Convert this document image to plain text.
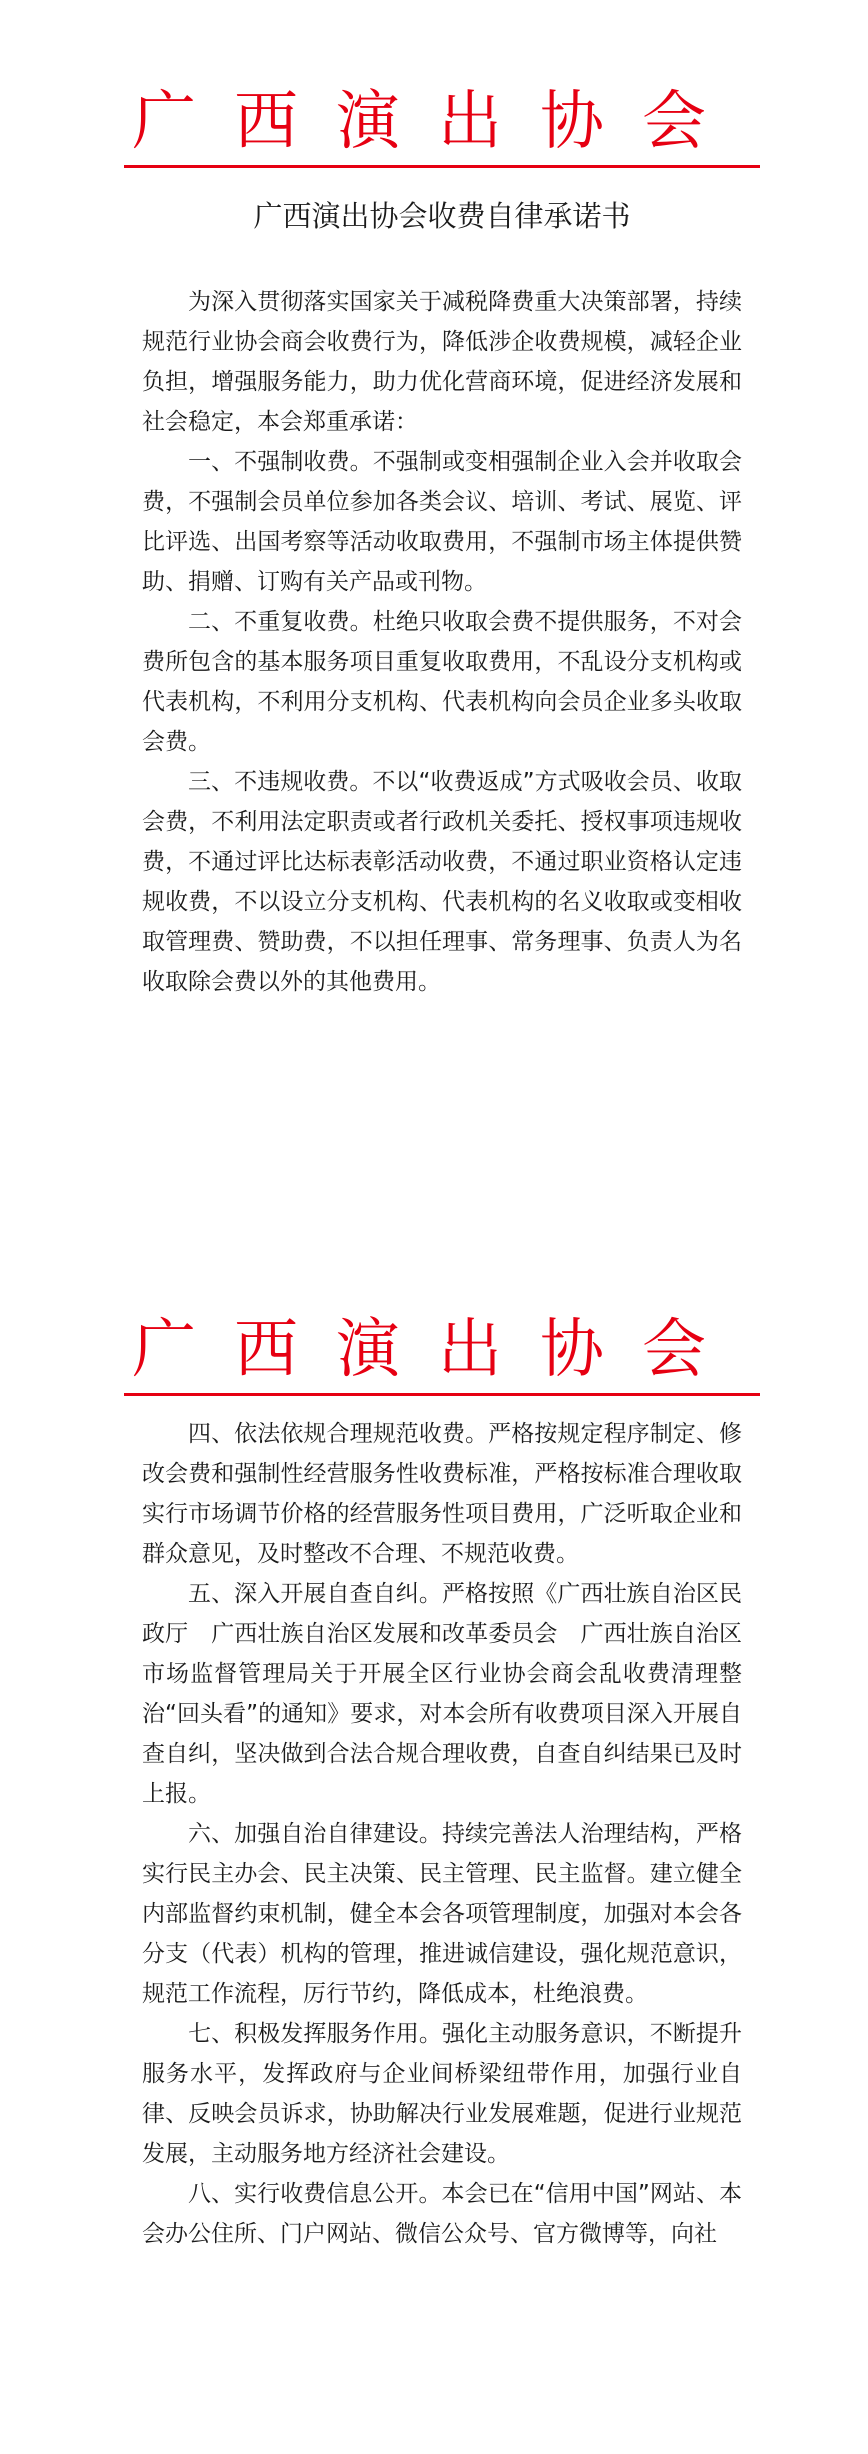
广西演出协会
广西演出协会收费自律承诺书

为深入贯彻落实国家关于减税降费重大决策部署，持续规范行业协会商会收费行为，降低涉企收费规模，减轻企业负担，增强服务能力，助力优化营商环境，促进经济发展和社会稳定，本会郑重承诺：

一、不强制收费。不强制或变相强制企业入会并收取会费，不强制会员单位参加各类会议、培训、考试、展览、评比评选、出国考察等活动收取费用，不强制市场主体提供赞助、捐赠、订购有关产品或刊物。

二、不重复收费。杜绝只收取会费不提供服务，不对会费所包含的基本服务项目重复收取费用，不乱设分支机构或代表机构，不利用分支机构、代表机构向会员企业多头收取会费。

三、不违规收费。不以“收费返成”方式吸收会员、收取会费，不利用法定职责或者行政机关委托、授权事项违规收费，不通过评比达标表彰活动收费，不通过职业资格认定违规收费，不以设立分支机构、代表机构的名义收取或变相收取管理费、赞助费，不以担任理事、常务理事、负责人为名收取除会费以外的其他费用。

广西演出协会

四、依法依规合理规范收费。严格按规定程序制定、修改会费和强制性经营服务性收费标准，严格按标准合理收取实行市场调节价格的经营服务性项目费用，广泛听取企业和群众意见，及时整改不合理、不规范收费。

五、深入开展自查自纠。严格按照《广西壮族自治区民政厅　广西壮族自治区发展和改革委员会　广西壮族自治区市场监督管理局关于开展全区行业协会商会乱收费清理整治“回头看”的通知》要求，对本会所有收费项目深入开展自查自纠，坚决做到合法合规合理收费，自查自纠结果已及时上报。

六、加强自治自律建设。持续完善法人治理结构，严格实行民主办会、民主决策、民主管理、民主监督。建立健全内部监督约束机制，健全本会各项管理制度，加强对本会各分支（代表）机构的管理，推进诚信建设，强化规范意识，规范工作流程，厉行节约，降低成本，杜绝浪费。

七、积极发挥服务作用。强化主动服务意识，不断提升服务水平，发挥政府与企业间桥梁纽带作用，加强行业自律、反映会员诉求，协助解决行业发展难题，促进行业规范发展，主动服务地方经济社会建设。

八、实行收费信息公开。本会已在“信用中国”网站、本会办公住所、门户网站、微信公众号、官方微博等，向社
